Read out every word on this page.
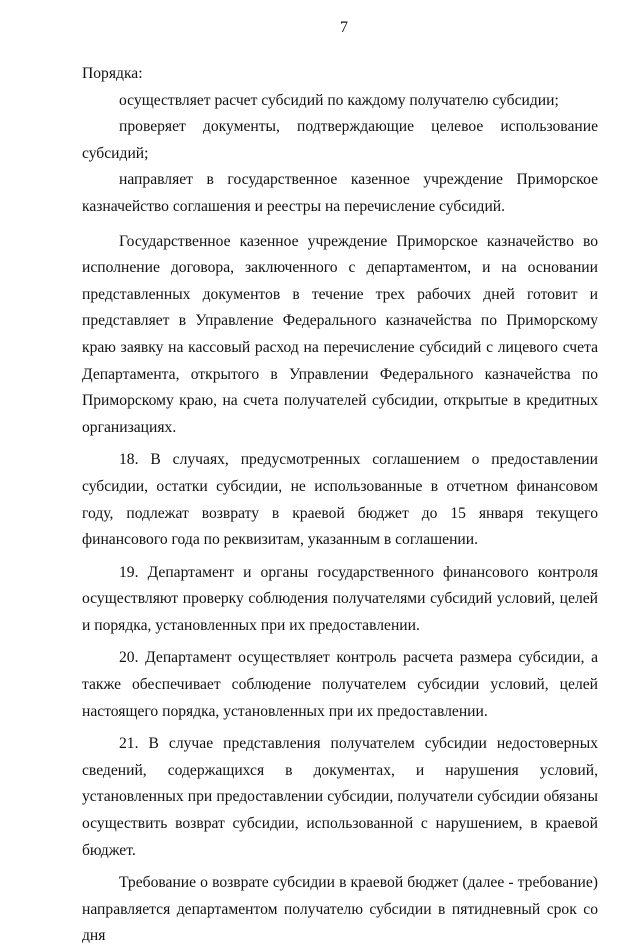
7

Порядка:

осуществляет расчет субсидий по каждому получателю субсидии;

проверяет документы, подтверждающие целевое использование субсидий;

направляет в государственное казенное учреждение Приморское казначейство соглашения и реестры на перечисление субсидий.

Государственное казенное учреждение Приморское казначейство во исполнение договора, заключенного с департаментом, и на основании представленных документов в течение трех рабочих дней готовит и представляет в Управление Федерального казначейства по Приморскому краю заявку на кассовый расход на перечисление субсидий с лицевого счета Департамента, открытого в Управлении Федерального казначейства по Приморскому краю, на счета получателей субсидии, открытые в кредитных организациях.

18. В случаях, предусмотренных соглашением о предоставлении субсидии, остатки субсидии, не использованные в отчетном финансовом году, подлежат возврату в краевой бюджет до 15 января текущего финансового года по реквизитам, указанным в соглашении.

19. Департамент и органы государственного финансового контроля осуществляют проверку соблюдения получателями субсидий условий, целей и порядка, установленных при их предоставлении.

20. Департамент осуществляет контроль расчета размера субсидии, а также обеспечивает соблюдение получателем субсидии условий, целей настоящего порядка, установленных при их предоставлении.

21. В случае представления получателем субсидии недостоверных сведений, содержащихся в документах, и нарушения условий, установленных при предоставлении субсидии, получатели субсидии обязаны осуществить возврат субсидии, использованной с нарушением, в краевой бюджет.

Требование о возврате субсидии в краевой бюджет (далее - требование) направляется департаментом получателю субсидии в пятидневный срок со дня
